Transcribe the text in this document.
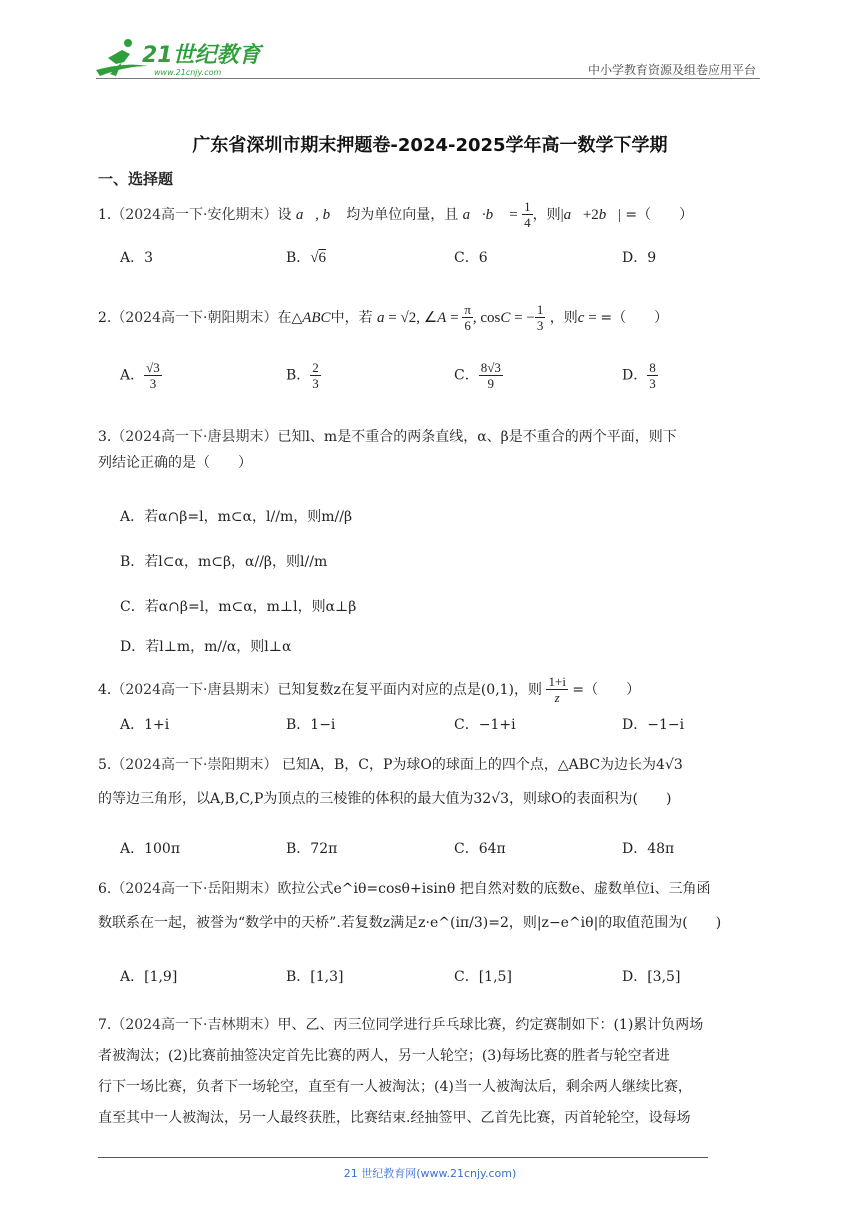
21世纪教育
www.21cnjy.com	中小学教育资源及组卷应用平台
广东省深圳市期末押题卷-2024-2025学年高一数学下学期
一、选择题
1.（2024高一下·安化期末）设 a⃗, b⃗ 均为单位向量，且 a⃗·b⃗ = $\frac{1}{4}$ ，则|a⃗+2b⃗| =（　　）
A．3	B．√6	C．6	D．9
2.（2024高一下·朝阳期末）在△ABC中，若 a = √2, ∠A = $\frac{\pi}{6}$ , cosC = − $\frac{1}{3}$ ，则c = =（　　）
A． $\frac{√3}{3}$	B． $\frac{2}{3}$	C． $\frac{8√3}{9}$	D． $\frac{8}{3}$
3.（2024高一下·唐县期末）已知l、m是不重合的两条直线，α、β是不重合的两个平面，则下
列结论正确的是（　　）
A．若α∩β=l，m⊂α，l//m，则m//β
B．若l⊂α，m⊂β，α//β，则l//m
C．若α∩β=l，m⊂α，m⊥l，则α⊥β
D．若l⊥m，m//α，则l⊥α
4.（2024高一下·唐县期末）已知复数z在复平面内对应的点是(0,1)，则 $\frac{1+i}{z}$ =（　　）
A．1+i	B．1−i	C．−1+i	D．−1−i
5.（2024高一下·崇阳期末） 已知A，B，C，P为球O的球面上的四个点，△ABC为边长为4√3
的等边三角形，以A,B,C,P为顶点的三棱锥的体积的最大值为32√3，则球O的表面积为(　　)
A．100π	B．72π	C．64π	D．48π
6.（2024高一下·岳阳期末）欧拉公式e^iθ=cosθ+isinθ 把自然对数的底数e、虚数单位i、三角函
数联系在一起，被誉为“数学中的天桥”.若复数z满足z·e^(iπ/3)=2，则|z−e^iθ|的取值范围为(　　)
A．[1,9]	B．[1,3]	C．[1,5]	D．[3,5]
7.（2024高一下·吉林期末）甲、乙、丙三位同学进行乒乓球比赛，约定赛制如下：(1)累计负两场
者被淘汰；(2)比赛前抽签决定首先比赛的两人，另一人轮空；(3)每场比赛的胜者与轮空者进
行下一场比赛，负者下一场轮空，直至有一人被淘汰；(4)当一人被淘汰后，剩余两人继续比赛，
直至其中一人被淘汰，另一人最终获胜，比赛结束.经抽签甲、乙首先比赛，丙首轮轮空，设每场
21 世纪教育网(www.21cnjy.com)
